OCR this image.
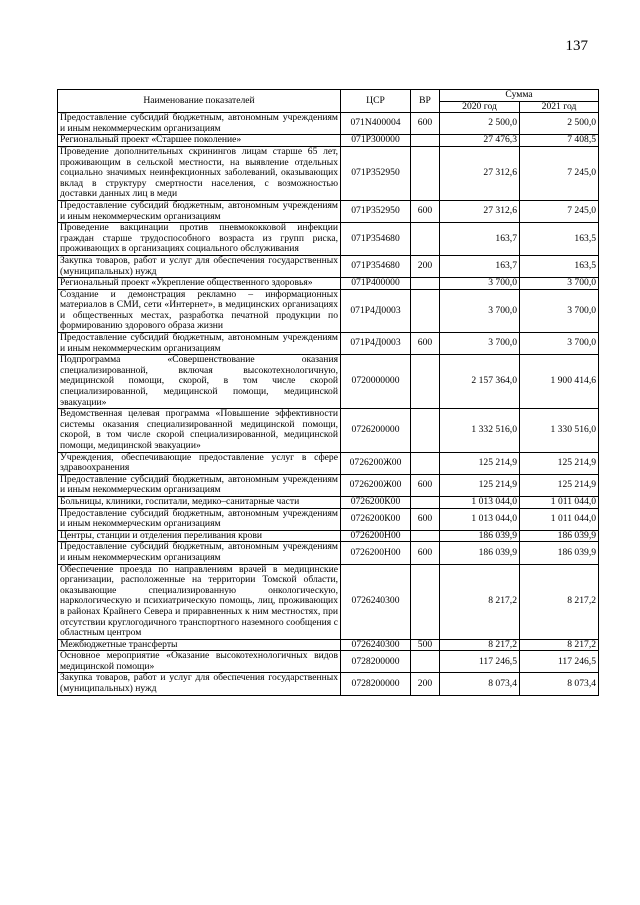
137
Наименование показателей	ЦСР	ВР	Сумма	
			2020 год	2021 год
Предоставление субсидий бюджетным, автономным учреждениям и иным некоммерческим организациям	071N400004	600	2 500,0	2 500,0
Региональный проект «Старшее поколение»	071P300000		27 476,3	7 408,5
Проведение дополнительных скринингов лицам старше 65 лет, проживающим в сельской местности, на выявление отдельных социально значимых неинфекционных заболеваний, оказывающих вклад в структуру смертности населения, с возможностью доставки данных лиц в меди	071P352950		27 312,6	7 245,0
Предоставление субсидий бюджетным, автономным учреждениям и иным некоммерческим организациям	071P352950	600	27 312,6	7 245,0
Проведение вакцинации против пневмококковой инфекции граждан старше трудоспособного возраста из групп риска, проживающих в организациях социального обслуживания	071P354680		163,7	163,5
Закупка товаров, работ и услуг для обеспечения государственных (муниципальных) нужд	071P354680	200	163,7	163,5
Региональный проект «Укрепление общественного здоровья»	071P400000		3 700,0	3 700,0
Создание и демонстрация рекламно – информационных материалов в СМИ, сети «Интернет», в медицинских организациях и общественных местах, разработка печатной продукции по формированию здорового образа жизни	071P4Д0003		3 700,0	3 700,0
Предоставление субсидий бюджетным, автономным учреждениям и иным некоммерческим организациям	071P4Д0003	600	3 700,0	3 700,0
Подпрограмма «Совершенствование оказания специализированной, включая высокотехнологичную, медицинской помощи, скорой, в том числе скорой специализированной, медицинской помощи, медицинской эвакуации»	0720000000		2 157 364,0	1 900 414,6
Ведомственная целевая программа «Повышение эффективности системы оказания специализированной медицинской помощи, скорой, в том числе скорой специализированной, медицинской помощи, медицинской эвакуации»	0726200000		1 332 516,0	1 330 516,0
Учреждения, обеспечивающие предоставление услуг в сфере здравоохранения	0726200Ж00		125 214,9	125 214,9
Предоставление субсидий бюджетным, автономным учреждениям и иным некоммерческим организациям	0726200Ж00	600	125 214,9	125 214,9
Больницы, клиники, госпитали, медико–санитарные части	0726200К00		1 013 044,0	1 011 044,0
Предоставление субсидий бюджетным, автономным учреждениям и иным некоммерческим организациям	0726200К00	600	1 013 044,0	1 011 044,0
Центры, станции и отделения переливания крови	0726200Н00		186 039,9	186 039,9
Предоставление субсидий бюджетным, автономным учреждениям и иным некоммерческим организациям	0726200Н00	600	186 039,9	186 039,9
Обеспечение проезда по направлениям врачей в медицинские организации, расположенные на территории Томской области, оказывающие специализированную онкологическую, наркологическую и психиатрическую помощь, лиц, проживающих в районах Крайнего Севера и приравненных к ним местностях, при отсутствии круглогодичного транспортного наземного сообщения с областным центром	0726240300		8 217,2	8 217,2
Межбюджетные трансферты	0726240300	500	8 217,2	8 217,2
Основное мероприятие «Оказание высокотехнологичных видов медицинской помощи»	0728200000		117 246,5	117 246,5
Закупка товаров, работ и услуг для обеспечения государственных (муниципальных) нужд	0728200000	200	8 073,4	8 073,4
